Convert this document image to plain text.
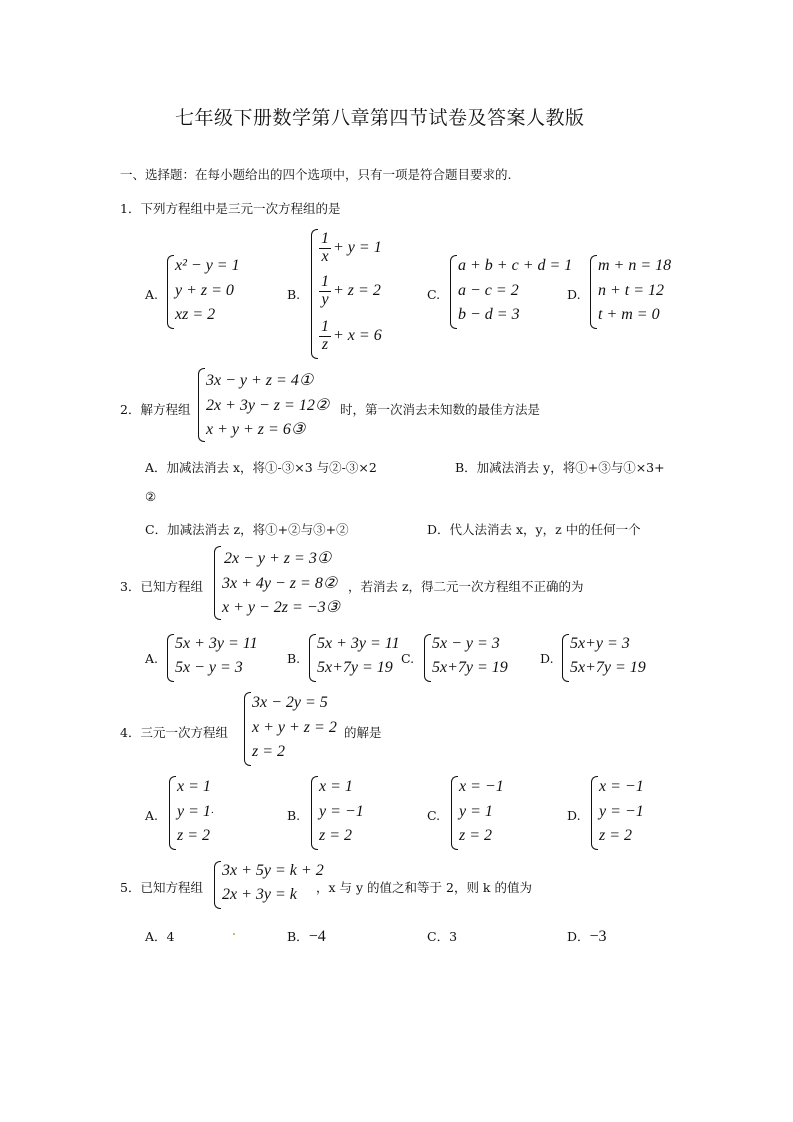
七年级下册数学第八章第四节试卷及答案人教版
一、选择题：在每小题给出的四个选项中，只有一项是符合题目要求的.
1．下列方程组中是三元一次方程组的是
A.
x² − y = 1
y + z = 0
xz = 2
B.
$\frac{1}{x} + y = 1$
$\frac{1}{y} + z = 2$
$\frac{1}{z} + x = 6$
C.
a + b + c + d = 1
a − c = 2
b − d = 3
D.
m + n = 18
n + t = 12
t + m = 0
2．解方程组
3x − y + z = 4①
2x + 3y − z = 12②
x + y + z = 6③
时，第一次消去未知数的最佳方法是
A．加减法消去 x，将①-③×3 与②-③×2	B．加减法消去 y，将①+③与①×3+
②
C．加减法消去 z，将①+②与③+②	D．代人法消去 x，y，z 中的任何一个
3．已知方程组
2x − y + z = 3①
3x + 4y − z = 8②
x + y − 2z = −3③
，若消去 z，得二元一次方程组不正确的为
A.
5x + 3y = 11
5x − y = 3
B.
5x + 3y = 11
5x+7y = 19
C.
5x − y = 3
5x+7y = 19
D.
5x+y = 3
5x+7y = 19
4．三元一次方程组
3x − 2y = 5
x + y + z = 2
z = 2
的解是
A.
x = 1
y = 1·
z = 2
B.
x = 1
y = −1
z = 2
C.
x = −1
y = 1
z = 2
D.
x = −1
y = −1
z = 2
5．已知方程组
3x + 5y = k + 2
2x + 3y = k ，x 与 y 的值之和等于 2，则 k 的值为
A．4	B．−4	C．3	D．−3
